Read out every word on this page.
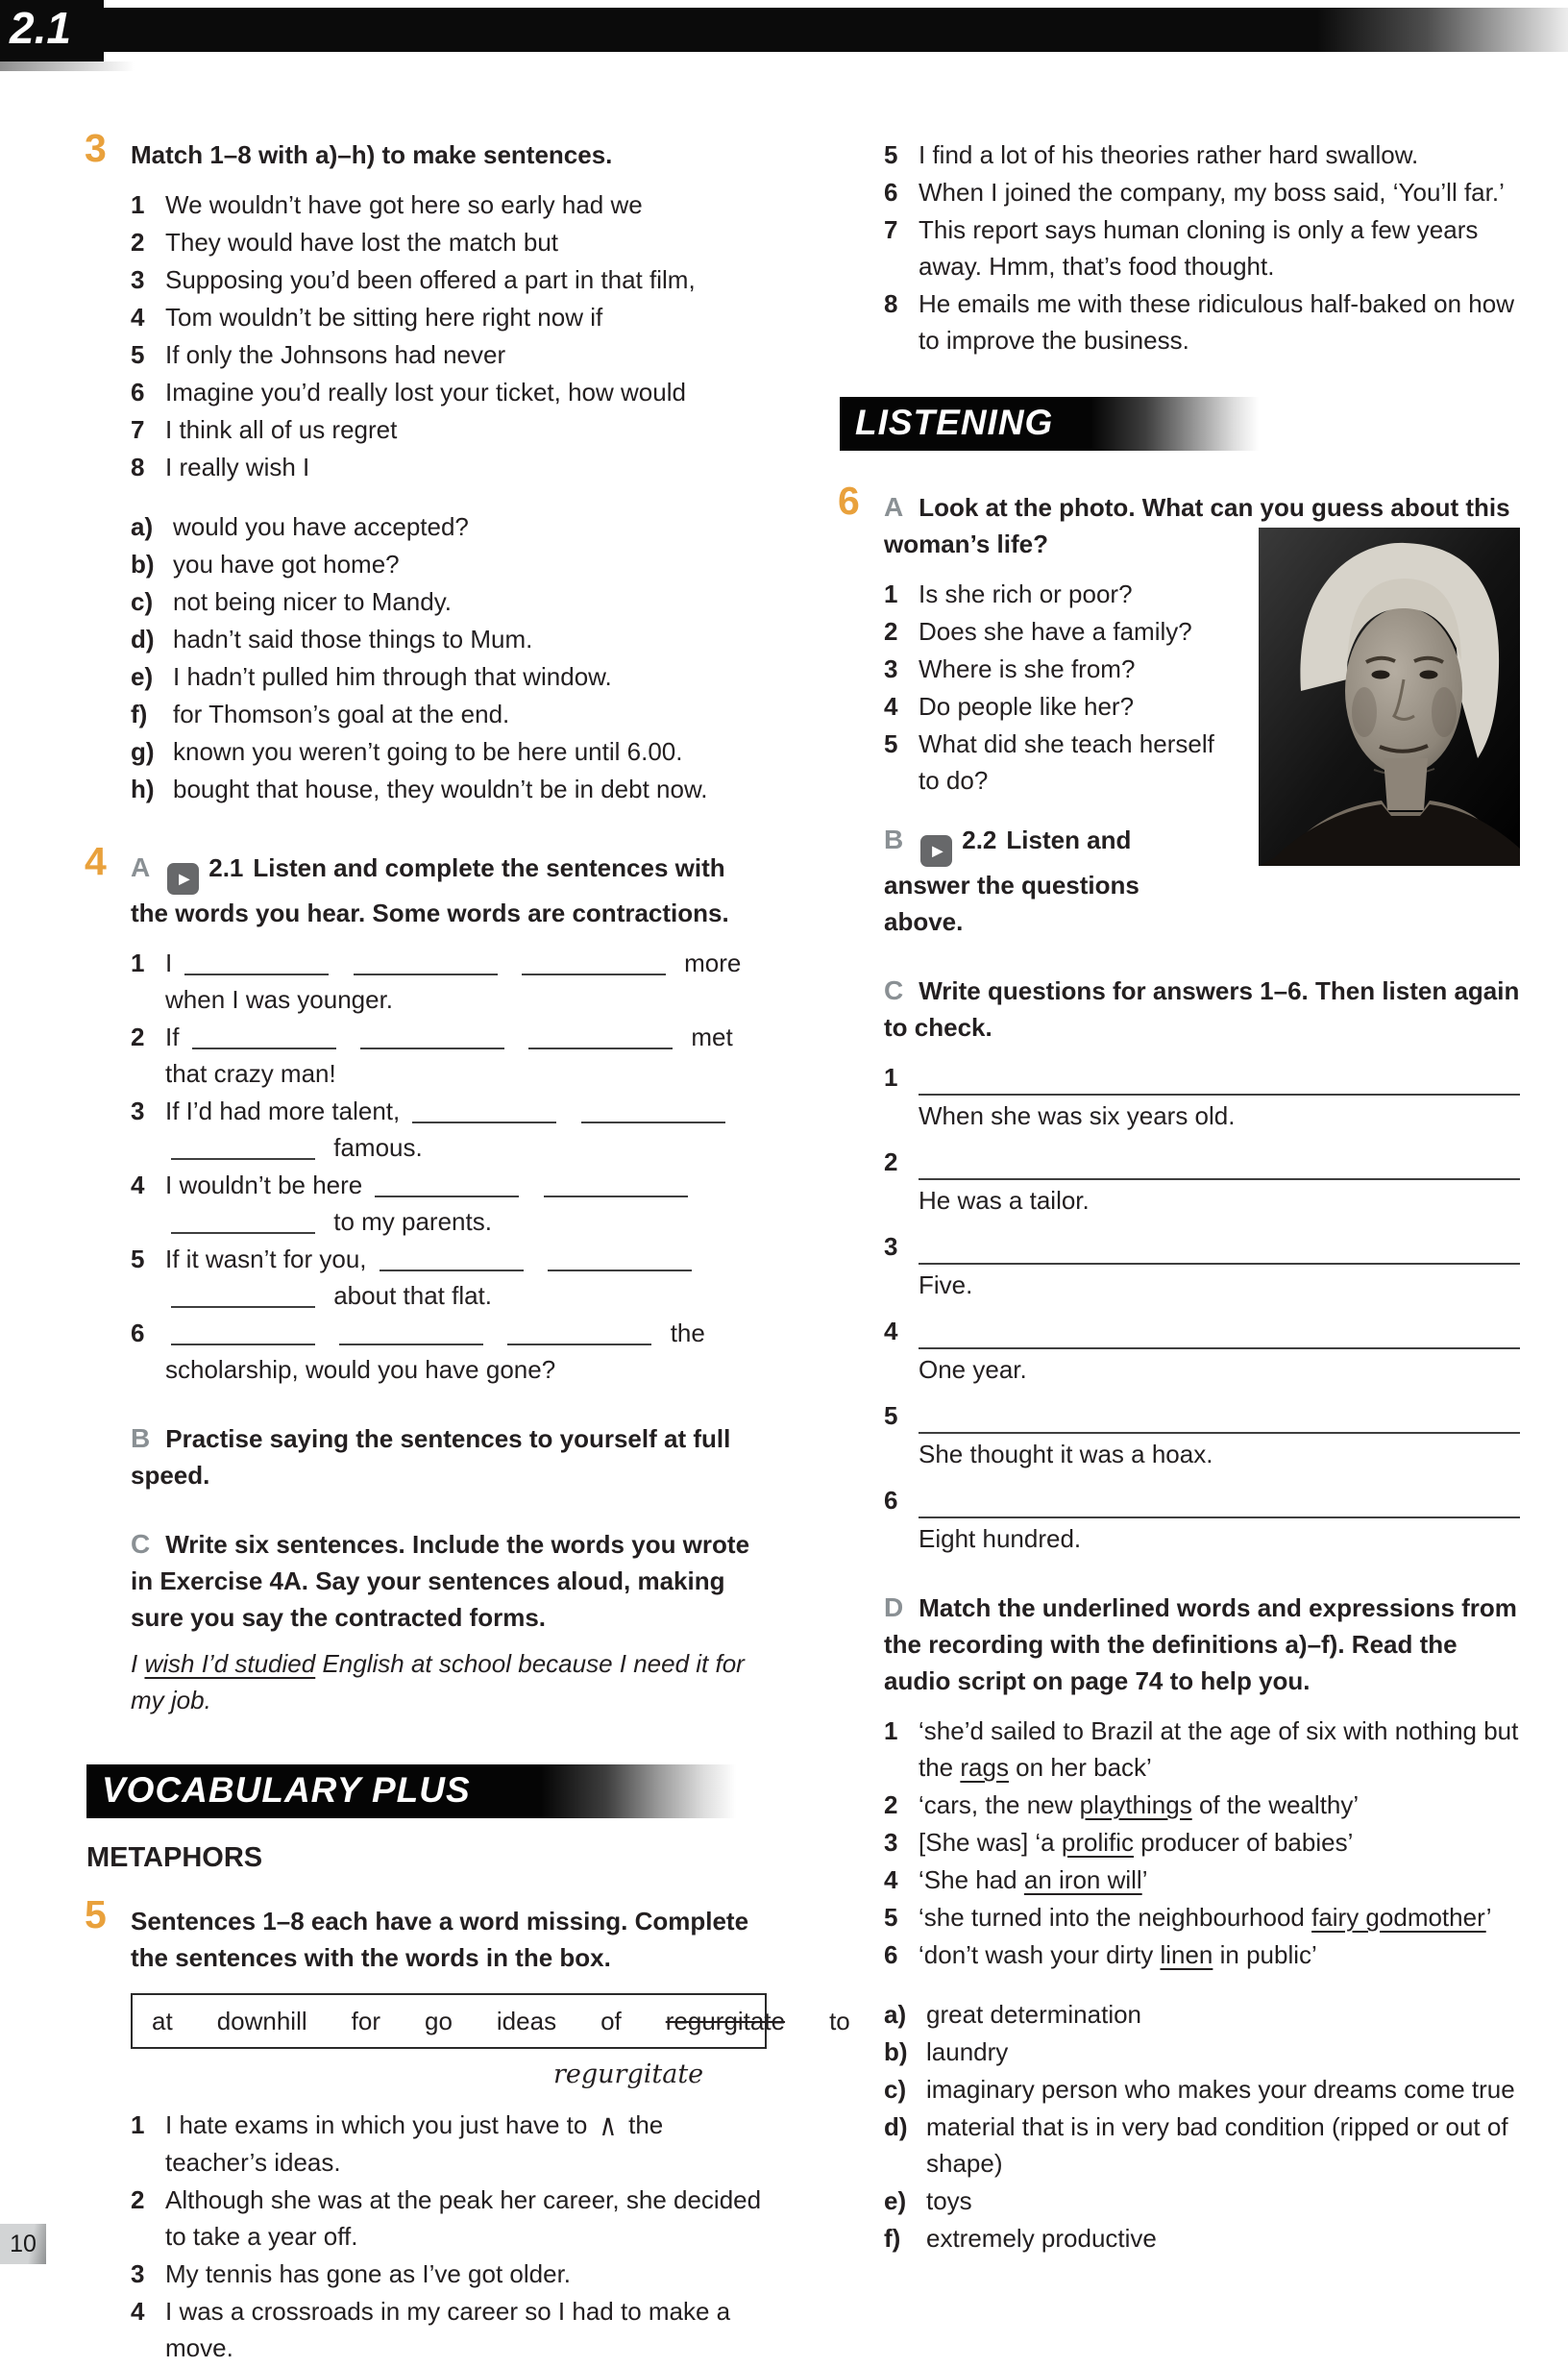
2.1
3 Match 1–8 with a)–h) to make sentences.

1 We wouldn’t have got here so early had we
2 They would have lost the match but
3 Supposing you’d been offered a part in that film,
4 Tom wouldn’t be sitting here right now if
5 If only the Johnsons had never
6 Imagine you’d really lost your ticket, how would
7 I think all of us regret
8 I really wish I
a) would you have accepted?
b) you have got home?
c) not being nicer to Mandy.
d) hadn’t said those things to Mum.
e) I hadn’t pulled him through that window.
f)	for Thomson’s goal at the end.
g) known you weren’t going to be here until 6.00.
h) bought that house, they wouldn’t be in debt now.
4 A ▶ 2.1 Listen and complete the sentences with the words you hear. Some words are contractions.

1 I	more when I was younger.
2 If	met that crazy man!
3 If I’d had more talent,    famous.
4 I wouldn’t be here    to my parents.
5 If it wasn’t for you,    about that flat.
6	the scholarship, would you have gone?

B Practise saying the sentences to yourself at full speed.

C Write six sentences. Include the words you wrote in Exercise 4A. Say your sentences aloud, making sure you say the contracted forms.

I wish I’d studied English at school because I need it for my job.

VOCABULARY PLUS
METAPHORS
5 Sentences 1–8 each have a word missing. Complete the sentences with the words in the box.

at downhill for go ideas of regurgitate to
regurgitate
1 I hate exams in which you just have to ∧ the teacher’s ideas.
2 Although she was at the peak her career, she decided to take a year off.
3 My tennis has gone as I’ve got older.
4 I was a crossroads in my career so I had to make a move.
5 I find a lot of his theories rather hard swallow.
6 When I joined the company, my boss said, ‘You’ll far.’
7 This report says human cloning is only a few years away. Hmm, that’s food thought.
8 He emails me with these ridiculous half-baked on how to improve the business.
LISTENING
6 A Look at the photo. What can you guess about this woman’s life?

1 Is she rich or poor?
2 Does she have a family?
3 Where is she from?
4 Do people like her?
5 What did she teach herself to do?

B ▶ 2.2 Listen and answer the questions above.

C Write questions for answers 1–6. Then listen again to check.

1
When she was six years old.
2
He was a tailor.
3
Five.
4
One year.
5
She thought it was a hoax.
6
Eight hundred.

D Match the underlined words and expressions from the recording with the definitions a)–f). Read the audio script on page 74 to help you.

1 ‘she’d sailed to Brazil at the age of six with nothing but the rags on her back’
2 ‘cars, the new playthings of the wealthy’
3 [She was] ‘a prolific producer of babies’
4 ‘She had an iron will’
5 ‘she turned into the neighbourhood fairy godmother’
6 ‘don’t wash your dirty linen in public’
a) great determination
b) laundry
c) imaginary person who makes your dreams come true
d) material that is in very bad condition (ripped or out of shape)
e) toys
f)	extremely productive
10
